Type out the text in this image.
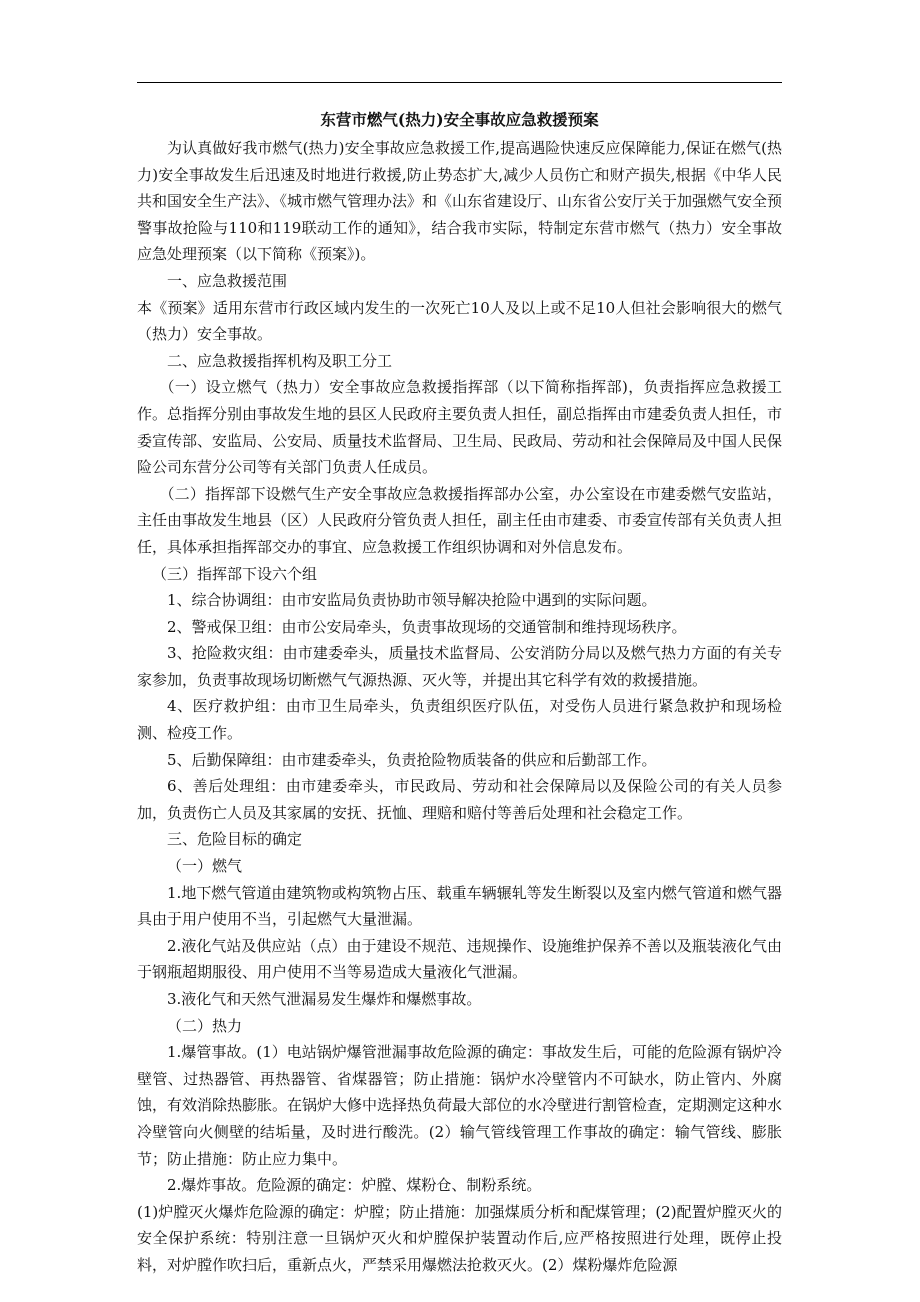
东营市燃气(热力)安全事故应急救援预案

为认真做好我市燃气(热力)安全事故应急救援工作,提高遇险快速反应保障能力,保证在燃气(热力)安全事故发生后迅速及时地进行救援,防止势态扩大,减少人员伤亡和财产损失,根据《中华人民共和国安全生产法》、《城市燃气管理办法》和《山东省建设厅、山东省公安厅关于加强燃气安全预警事故抢险与110和119联动工作的通知》，结合我市实际，特制定东营市燃气（热力）安全事故应急处理预案（以下简称《预案》)。

一、应急救援范围

本《预案》适用东营市行政区域内发生的一次死亡10人及以上或不足10人但社会影响很大的燃气（热力）安全事故。

二、应急救援指挥机构及职工分工

（一）设立燃气（热力）安全事故应急救援指挥部（以下简称指挥部)，负责指挥应急救援工作。总指挥分别由事故发生地的县区人民政府主要负责人担任，副总指挥由市建委负责人担任，市委宣传部、安监局、公安局、质量技术监督局、卫生局、民政局、劳动和社会保障局及中国人民保险公司东营分公司等有关部门负责人任成员。

（二）指挥部下设燃气生产安全事故应急救援指挥部办公室，办公室设在市建委燃气安监站，主任由事故发生地县（区）人民政府分管负责人担任，副主任由市建委、市委宣传部有关负责人担任，具体承担指挥部交办的事宜、应急救援工作组织协调和对外信息发布。

（三）指挥部下设六个组

1、综合协调组：由市安监局负责协助市领导解决抢险中遇到的实际问题。

2、警戒保卫组：由市公安局牵头，负责事故现场的交通管制和维持现场秩序。

3、抢险救灾组：由市建委牵头，质量技术监督局、公安消防分局以及燃气热力方面的有关专家参加，负责事故现场切断燃气气源热源、灭火等，并提出其它科学有效的救援措施。

4、医疗救护组：由市卫生局牵头，负责组织医疗队伍，对受伤人员进行紧急救护和现场检测、检疫工作。

5、后勤保障组：由市建委牵头，负责抢险物质装备的供应和后勤部工作。

6、善后处理组：由市建委牵头，市民政局、劳动和社会保障局以及保险公司的有关人员参加，负责伤亡人员及其家属的安抚、抚恤、理赔和赔付等善后处理和社会稳定工作。

三、危险目标的确定

（一）燃气

1.地下燃气管道由建筑物或构筑物占压、载重车辆辗轧等发生断裂以及室内燃气管道和燃气器具由于用户使用不当，引起燃气大量泄漏。

2.液化气站及供应站（点）由于建设不规范、违规操作、设施维护保养不善以及瓶装液化气由于钢瓶超期服役、用户使用不当等易造成大量液化气泄漏。

3.液化气和天然气泄漏易发生爆炸和爆燃事故。

（二）热力

1.爆管事故。(1）电站锅炉爆管泄漏事故危险源的确定：事故发生后，可能的危险源有锅炉冷壁管、过热器管、再热器管、省煤器管；防止措施：锅炉水冷壁管内不可缺水，防止管内、外腐蚀，有效消除热膨胀。在锅炉大修中选择热负荷最大部位的水冷壁进行割管检查，定期测定这种水冷壁管向火侧壁的结垢量，及时进行酸洗。(2）输气管线管理工作事故的确定：输气管线、膨胀节；防止措施：防止应力集中。

2.爆炸事故。危险源的确定：炉膛、煤粉仓、制粉系统。

(1)炉膛灭火爆炸危险源的确定：炉膛；防止措施：加强煤质分析和配煤管理；(2)配置炉膛灭火的安全保护系统：特别注意一旦锅炉灭火和炉膛保护装置动作后,应严格按照进行处理，既停止投料，对炉膛作吹扫后，重新点火，严禁采用爆燃法抢救灭火。(2）煤粉爆炸危险源
